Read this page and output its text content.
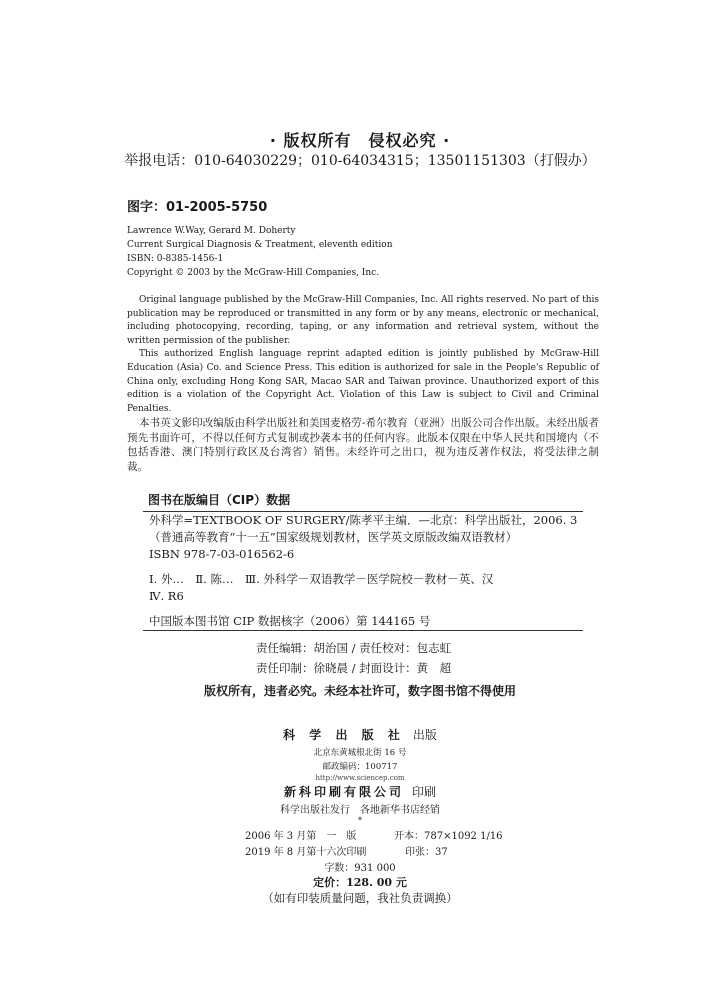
· 版权所有　侵权必究 ·
举报电话：010-64030229；010-64034315；13501151303（打假办）
图字：01-2005-5750
Lawrence W.Way, Gerard M. Doherty
Current Surgical Diagnosis & Treatment, eleventh edition
ISBN: 0-8385-1456-1
Copyright © 2003 by the McGraw-Hill Companies, Inc.

Original language published by the McGraw-Hill Companies, Inc. All rights reserved. No part of this publication may be reproduced or transmitted in any form or by any means, electronic or mechanical, including photocopying, recording, taping, or any information and retrieval system, without the written permission of the publisher.

This authorized English language reprint adapted edition is jointly published by McGraw-Hill Education (Asia) Co. and Science Press. This edition is authorized for sale in the People's Republic of China only, excluding Hong Kong SAR, Macao SAR and Taiwan province. Unauthorized export of this edition is a violation of the Copyright Act. Violation of this Law is subject to Civil and Criminal Penalties.

本书英文影印改编版由科学出版社和美国麦格劳-希尔教育（亚洲）出版公司合作出版。未经出版者预先书面许可，不得以任何方式复制或抄袭本书的任何内容。此版本仅限在中华人民共和国境内（不包括香港、澳门特别行政区及台湾省）销售。未经许可之出口，视为违反著作权法，将受法律之制裁。

图书在版编目（CIP）数据
外科学=TEXTBOOK OF SURGERY/陈孝平主编．—北京：科学出版社，2006. 3
（普通高等教育“十一五”国家级规划教材，医学英文原版改编双语教材）
ISBN 978-7-03-016562-6
Ⅰ. 外…　Ⅱ. 陈…　Ⅲ. 外科学－双语教学－医学院校－教材－英、汉
Ⅳ. R6
中国版本图书馆 CIP 数据核字（2006）第 144165 号
责任编辑：胡治国 / 责任校对：包志虹
责任印制：徐晓晨 / 封面设计：黄　超
版权所有，违者必究。未经本社许可，数字图书馆不得使用
科 学 出 版 社 出版
北京东黄城根北街 16 号
邮政编码：100717
http://www.sciencep.com
新科印刷有限公司 印刷
科学出版社发行　各地新华书店经销
*
2006 年 3 月第　一　版	开本：787×1092 1/16
2019 年 8 月第十六次印刷	印张：37
字数：931 000
定价：128. 00 元
（如有印装质量问题，我社负责调换）
